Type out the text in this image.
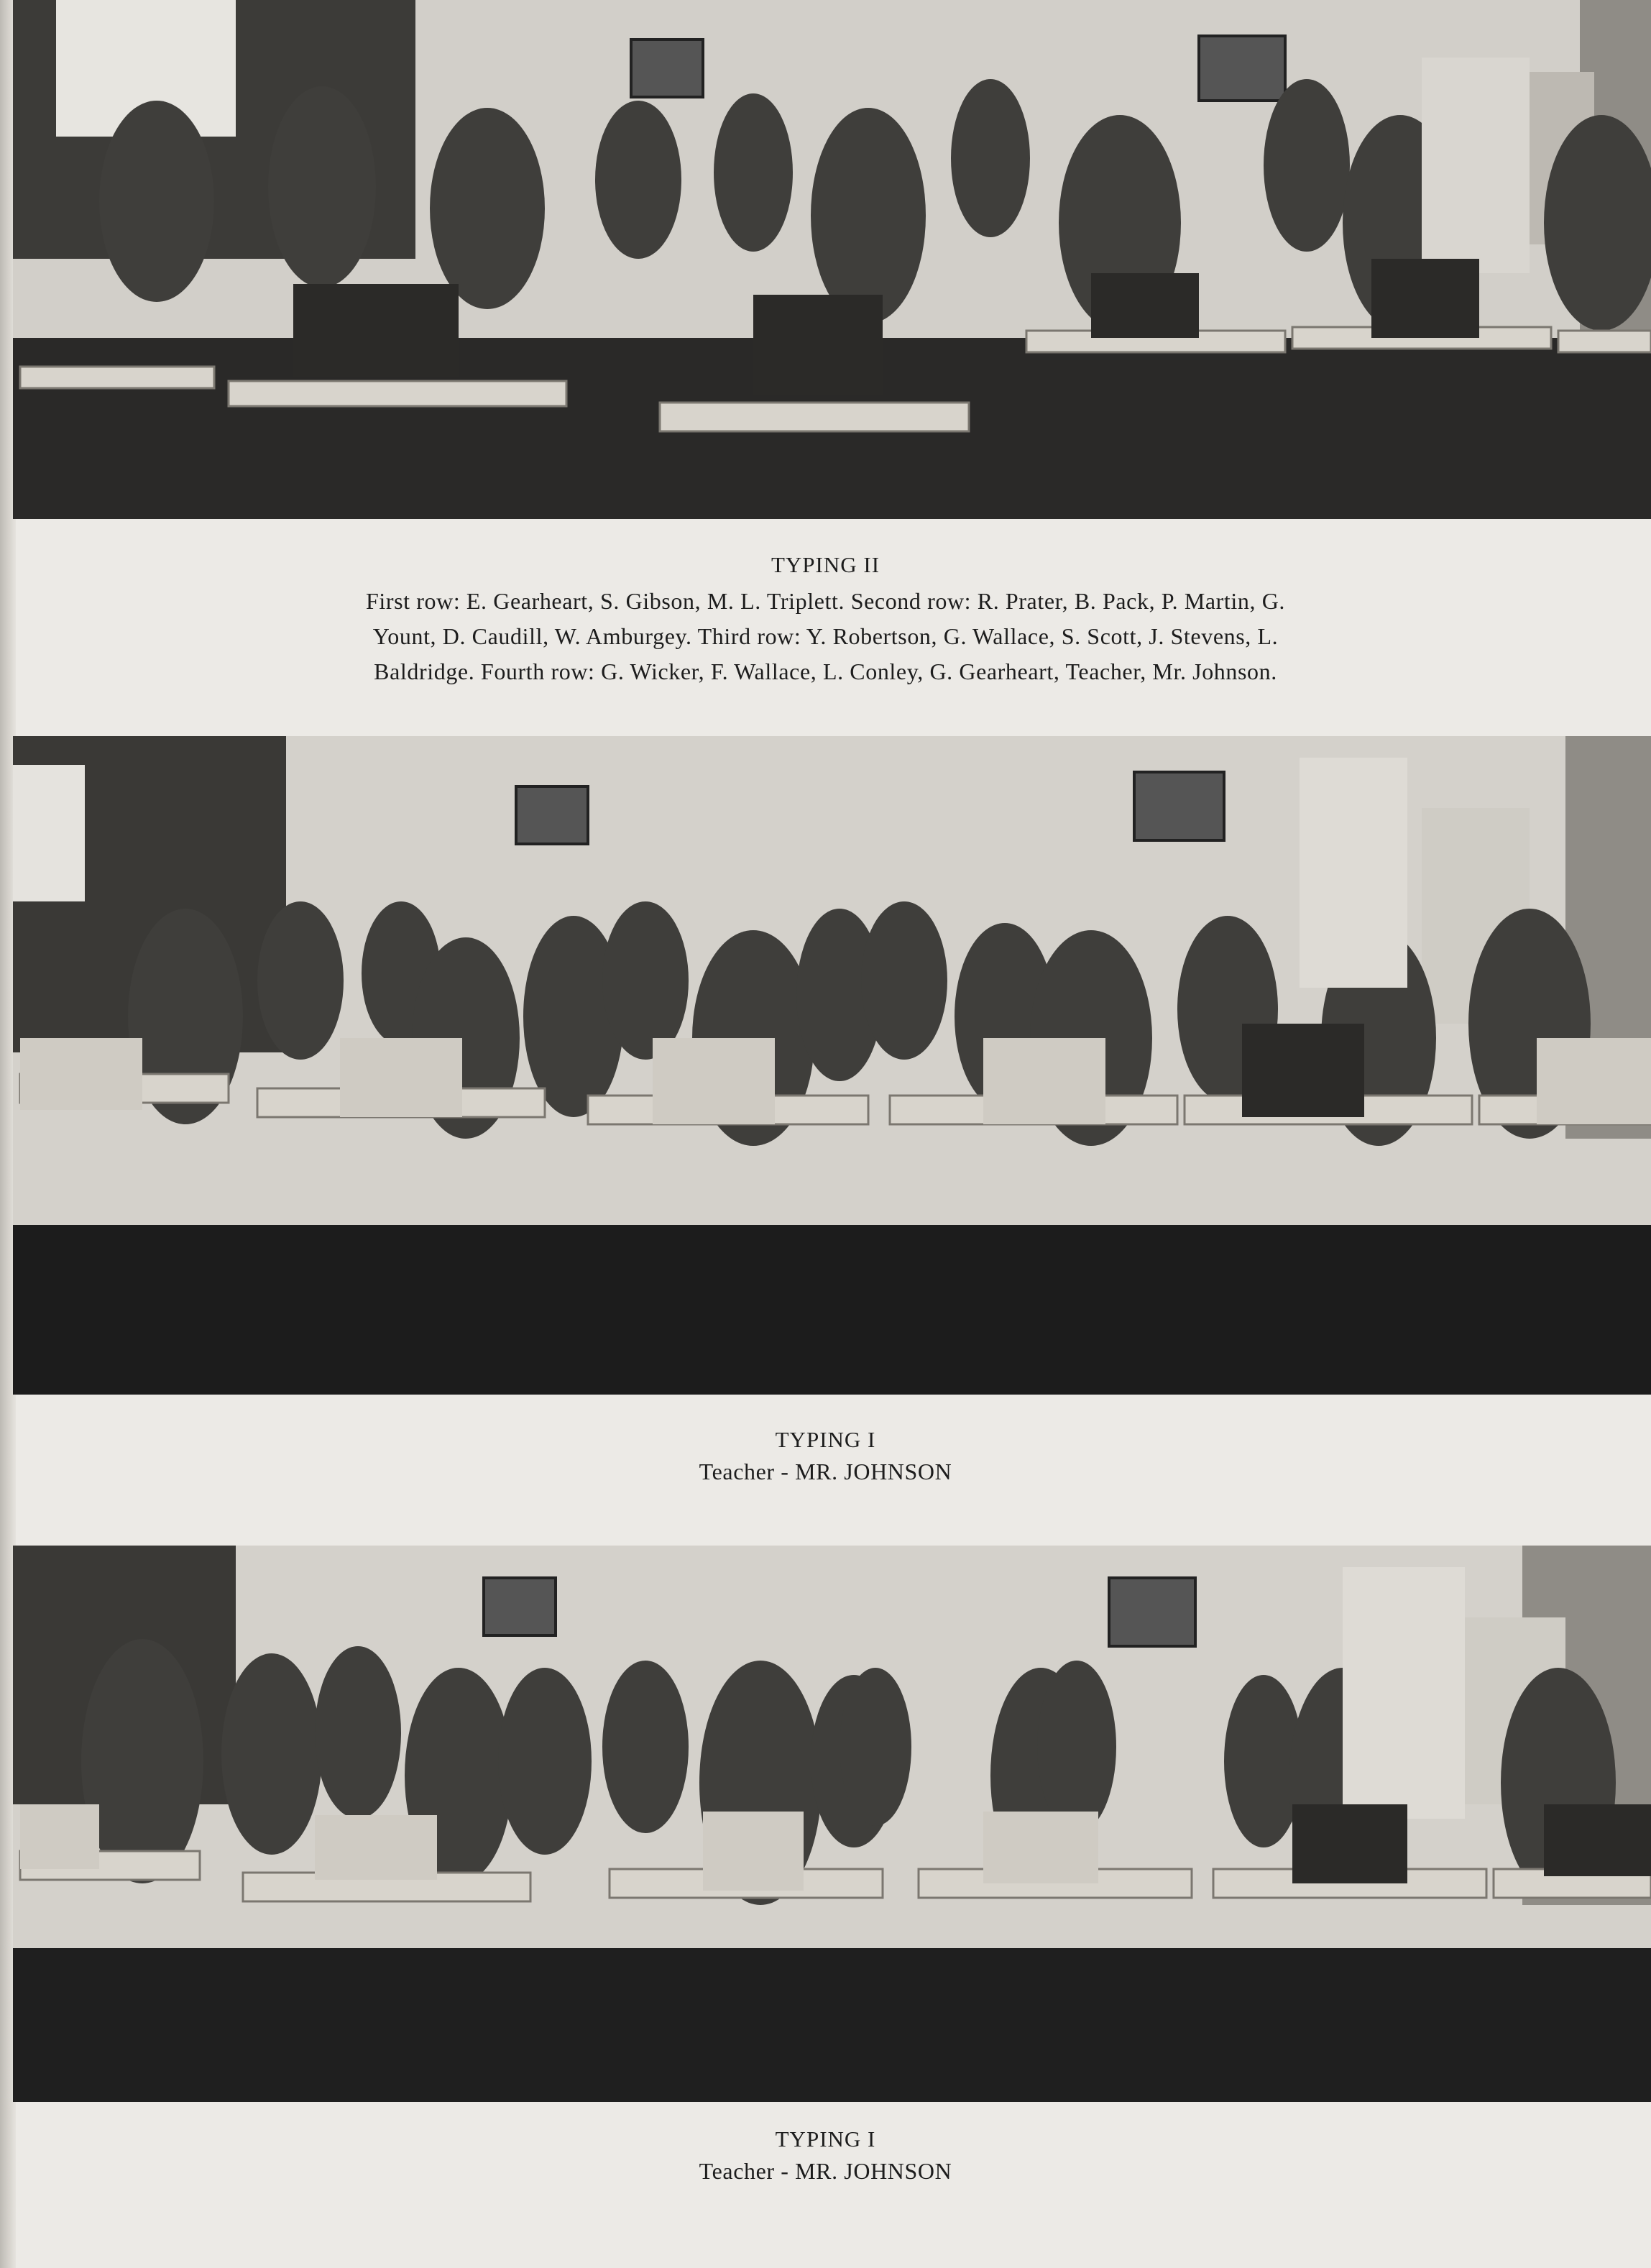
TYPING II
First row: E. Gearheart, S. Gibson, M. L. Triplett. Second row: R. Prater, B. Pack, P. Martin, G.
Yount, D. Caudill, W. Amburgey. Third row: Y. Robertson, G. Wallace, S. Scott, J. Stevens, L.
Baldridge. Fourth row: G. Wicker, F. Wallace, L. Conley, G. Gearheart, Teacher, Mr. Johnson.
TYPING I
Teacher - MR. JOHNSON
TYPING I
Teacher - MR. JOHNSON
